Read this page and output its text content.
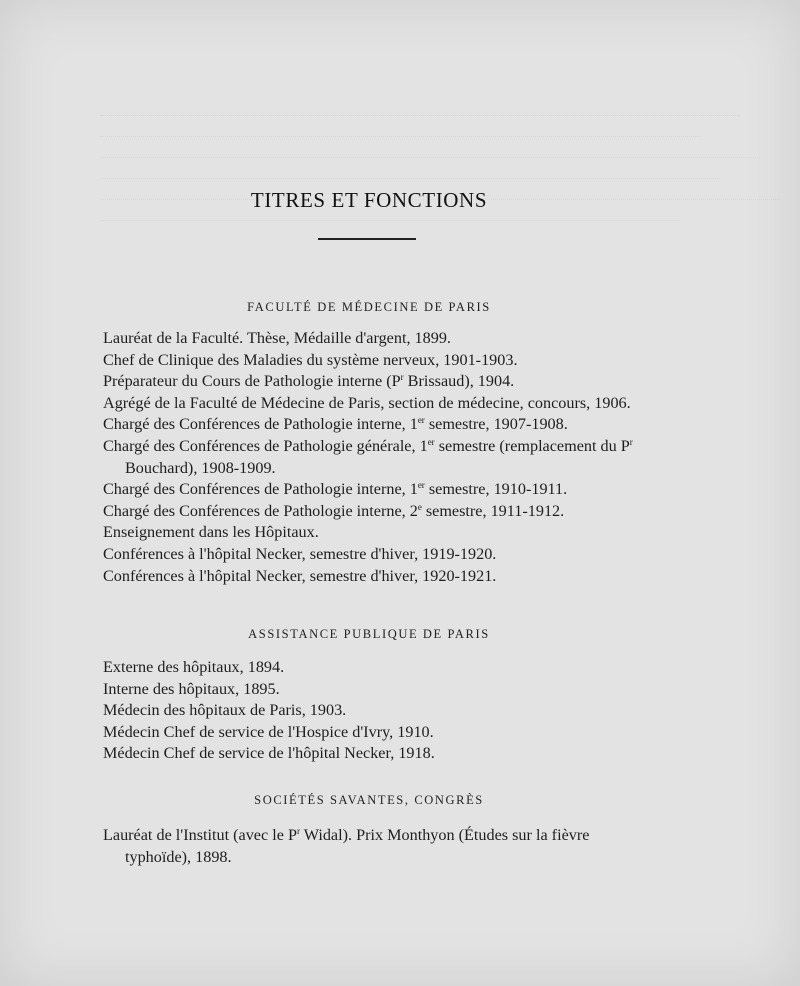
TITRES ET FONCTIONS
FACULTÉ DE MÉDECINE DE PARIS
Lauréat de la Faculté. Thèse, Médaille d'argent, 1899.
Chef de Clinique des Maladies du système nerveux, 1901-1903.
Préparateur du Cours de Pathologie interne ($P^r$ Brissaud), 1904.
Agrégé de la Faculté de Médecine de Paris, section de médecine, concours, 1906.
Chargé des Conférences de Pathologie interne, 1er semestre, 1907-1908.
Chargé des Conférences de Pathologie générale, 1er semestre (remplacement du $P^r$ Bouchard), 1908-1909.
Chargé des Conférences de Pathologie interne, 1er semestre, 1910-1911.
Chargé des Conférences de Pathologie interne, 2e semestre, 1911-1912.
Enseignement dans les Hôpitaux.
Conférences à l'hôpital Necker, semestre d'hiver, 1919-1920.
Conférences à l'hôpital Necker, semestre d'hiver, 1920-1921.
ASSISTANCE PUBLIQUE DE PARIS
Externe des hôpitaux, 1894.
Interne des hôpitaux, 1895.
Médecin des hôpitaux de Paris, 1903.
Médecin Chef de service de l'Hospice d'Ivry, 1910.
Médecin Chef de service de l'hôpital Necker, 1918.
SOCIÉTÉS SAVANTES, CONGRÈS
Lauréat de l'Institut (avec le $P^r$ Widal). Prix Monthyon (Études sur la fièvre typhoïde), 1898.
